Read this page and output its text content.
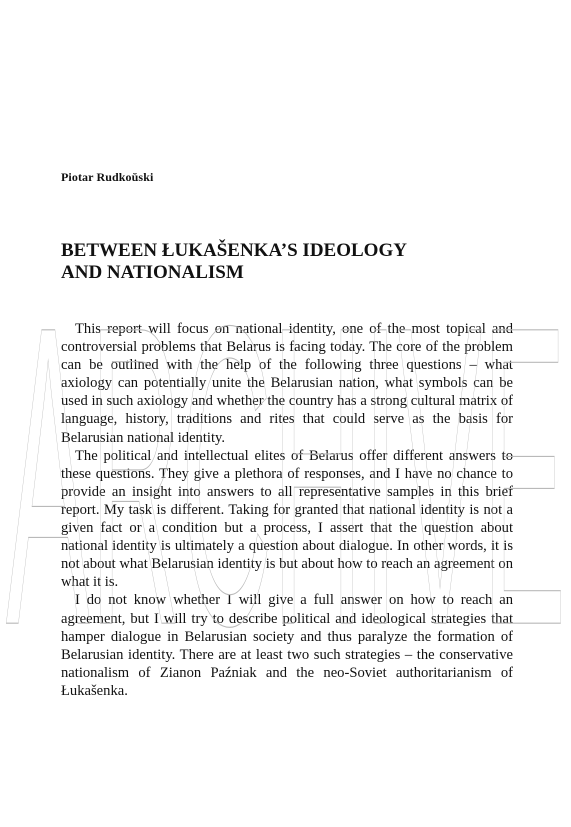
Piotar Rudkoŭski
BETWEEN ŁUKAŠENKA’S IDEOLOGY
AND NATIONALISM

This report will focus on national identity, one of the most topical and controversial problems that Belarus is facing today. The core of the problem can be outlined with the help of the following three questions – what axiology can potentially unite the Belarusian nation, what symbols can be used in such axiology and whether the country has a strong cultural matrix of language, history, traditions and rites that could serve as the basis for Belarusian national identity.

The political and intellectual elites of Belarus offer different answers to these questions. They give a plethora of responses, and I have no chance to provide an insight into answers to all representative samples in this brief report. My task is different. Taking for granted that national identity is not a given fact or a condition but a process, I assert that the question about national identity is ultimately a question about dialogue. In other words, it is not about what Belarusian identity is but about how to reach an agreement on what it is.

I do not know whether I will give a full answer on how to reach an agreement, but I will try to describe political and ideological strategies that hamper dialogue in Belarusian society and thus paralyze the formation of Belarusian identity. There are at least two such strategies – the conservative nationalism of Zianon Paźniak and the neo-Soviet authoritarianism of Łukašenka.

ARCHIVE
